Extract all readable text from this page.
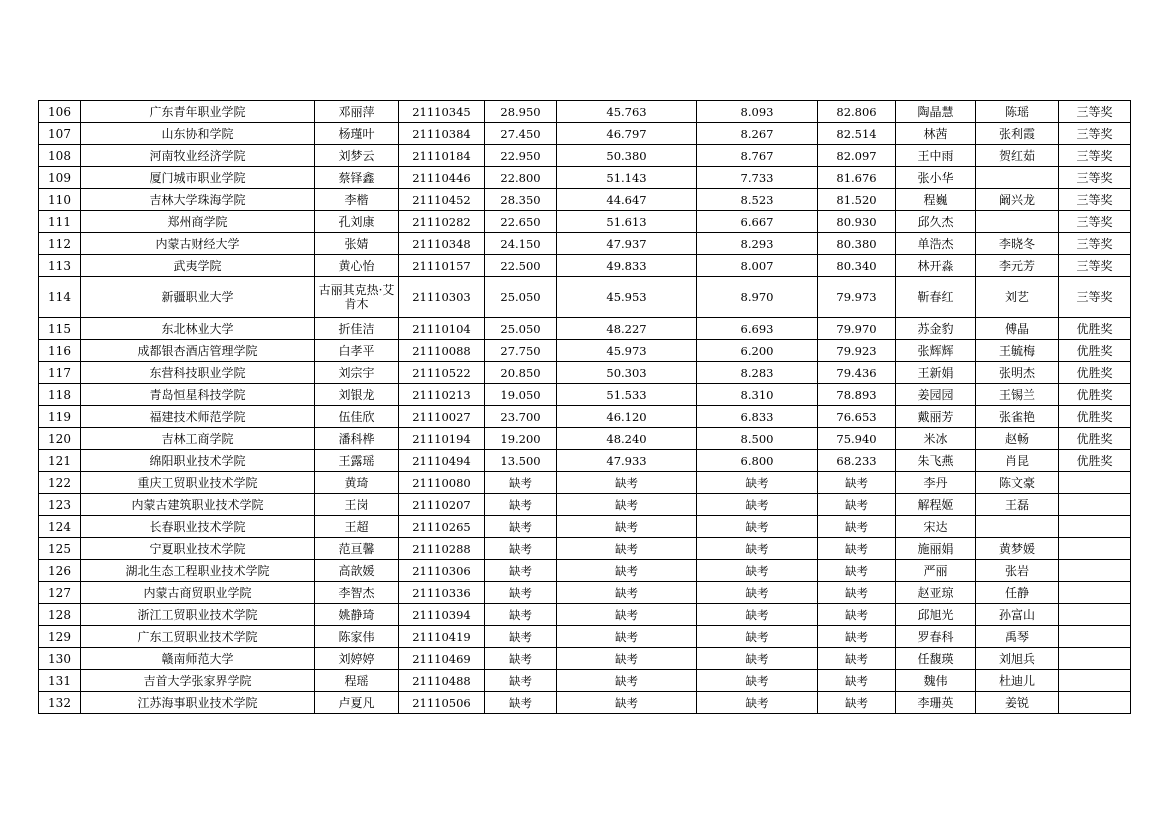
106	广东青年职业学院	邓丽萍	21110345	28.950	45.763	8.093	82.806	陶晶慧	陈瑶	三等奖
107	山东协和学院	杨瑾叶	21110384	27.450	46.797	8.267	82.514	林茜	张利霞	三等奖
108	河南牧业经济学院	刘梦云	21110184	22.950	50.380	8.767	82.097	王中雨	贺红茹	三等奖
109	厦门城市职业学院	蔡铎鑫	21110446	22.800	51.143	7.733	81.676	张小华		三等奖
110	吉林大学珠海学院	李楷	21110452	28.350	44.647	8.523	81.520	程巍	阚兴龙	三等奖
111	郑州商学院	孔刘康	21110282	22.650	51.613	6.667	80.930	邱久杰		三等奖
112	内蒙古财经大学	张婧	21110348	24.150	47.937	8.293	80.380	单浩杰	李晓冬	三等奖
113	武夷学院	黄心怡	21110157	22.500	49.833	8.007	80.340	林开淼	李元芳	三等奖
114	新疆职业大学	古丽其克热·艾肯木	21110303	25.050	45.953	8.970	79.973	靳春红	刘艺	三等奖
115	东北林业大学	折佳洁	21110104	25.050	48.227	6.693	79.970	苏金豹	傅晶	优胜奖
116	成都银杏酒店管理学院	白孝平	21110088	27.750	45.973	6.200	79.923	张辉辉	王毓梅	优胜奖
117	东营科技职业学院	刘宗宇	21110522	20.850	50.303	8.283	79.436	王新娟	张明杰	优胜奖
118	青岛恒星科技学院	刘银龙	21110213	19.050	51.533	8.310	78.893	姜园园	王锡兰	优胜奖
119	福建技术师范学院	伍佳欣	21110027	23.700	46.120	6.833	76.653	戴丽芳	张雀艳	优胜奖
120	吉林工商学院	潘科桦	21110194	19.200	48.240	8.500	75.940	米冰	赵畅	优胜奖
121	绵阳职业技术学院	王露瑶	21110494	13.500	47.933	6.800	68.233	朱飞燕	肖昆	优胜奖
122	重庆工贸职业技术学院	黄琦	21110080	缺考	缺考	缺考	缺考	李丹	陈文豪	
123	内蒙古建筑职业技术学院	王岗	21110207	缺考	缺考	缺考	缺考	解程姬	王磊	
124	长春职业技术学院	王超	21110265	缺考	缺考	缺考	缺考	宋达		
125	宁夏职业技术学院	范亘馨	21110288	缺考	缺考	缺考	缺考	施丽娟	黄梦媛	
126	湖北生态工程职业技术学院	高歆媛	21110306	缺考	缺考	缺考	缺考	严丽	张岩	
127	内蒙古商贸职业学院	李智杰	21110336	缺考	缺考	缺考	缺考	赵亚琼	任静	
128	浙江工贸职业技术学院	姚静琦	21110394	缺考	缺考	缺考	缺考	邱旭光	孙富山	
129	广东工贸职业技术学院	陈家伟	21110419	缺考	缺考	缺考	缺考	罗春科	禹琴	
130	赣南师范大学	刘婷婷	21110469	缺考	缺考	缺考	缺考	任馥瑛	刘旭兵	
131	吉首大学张家界学院	程瑶	21110488	缺考	缺考	缺考	缺考	魏伟	杜迪儿	
132	江苏海事职业技术学院	卢夏凡	21110506	缺考	缺考	缺考	缺考	李珊英	姜锐	
